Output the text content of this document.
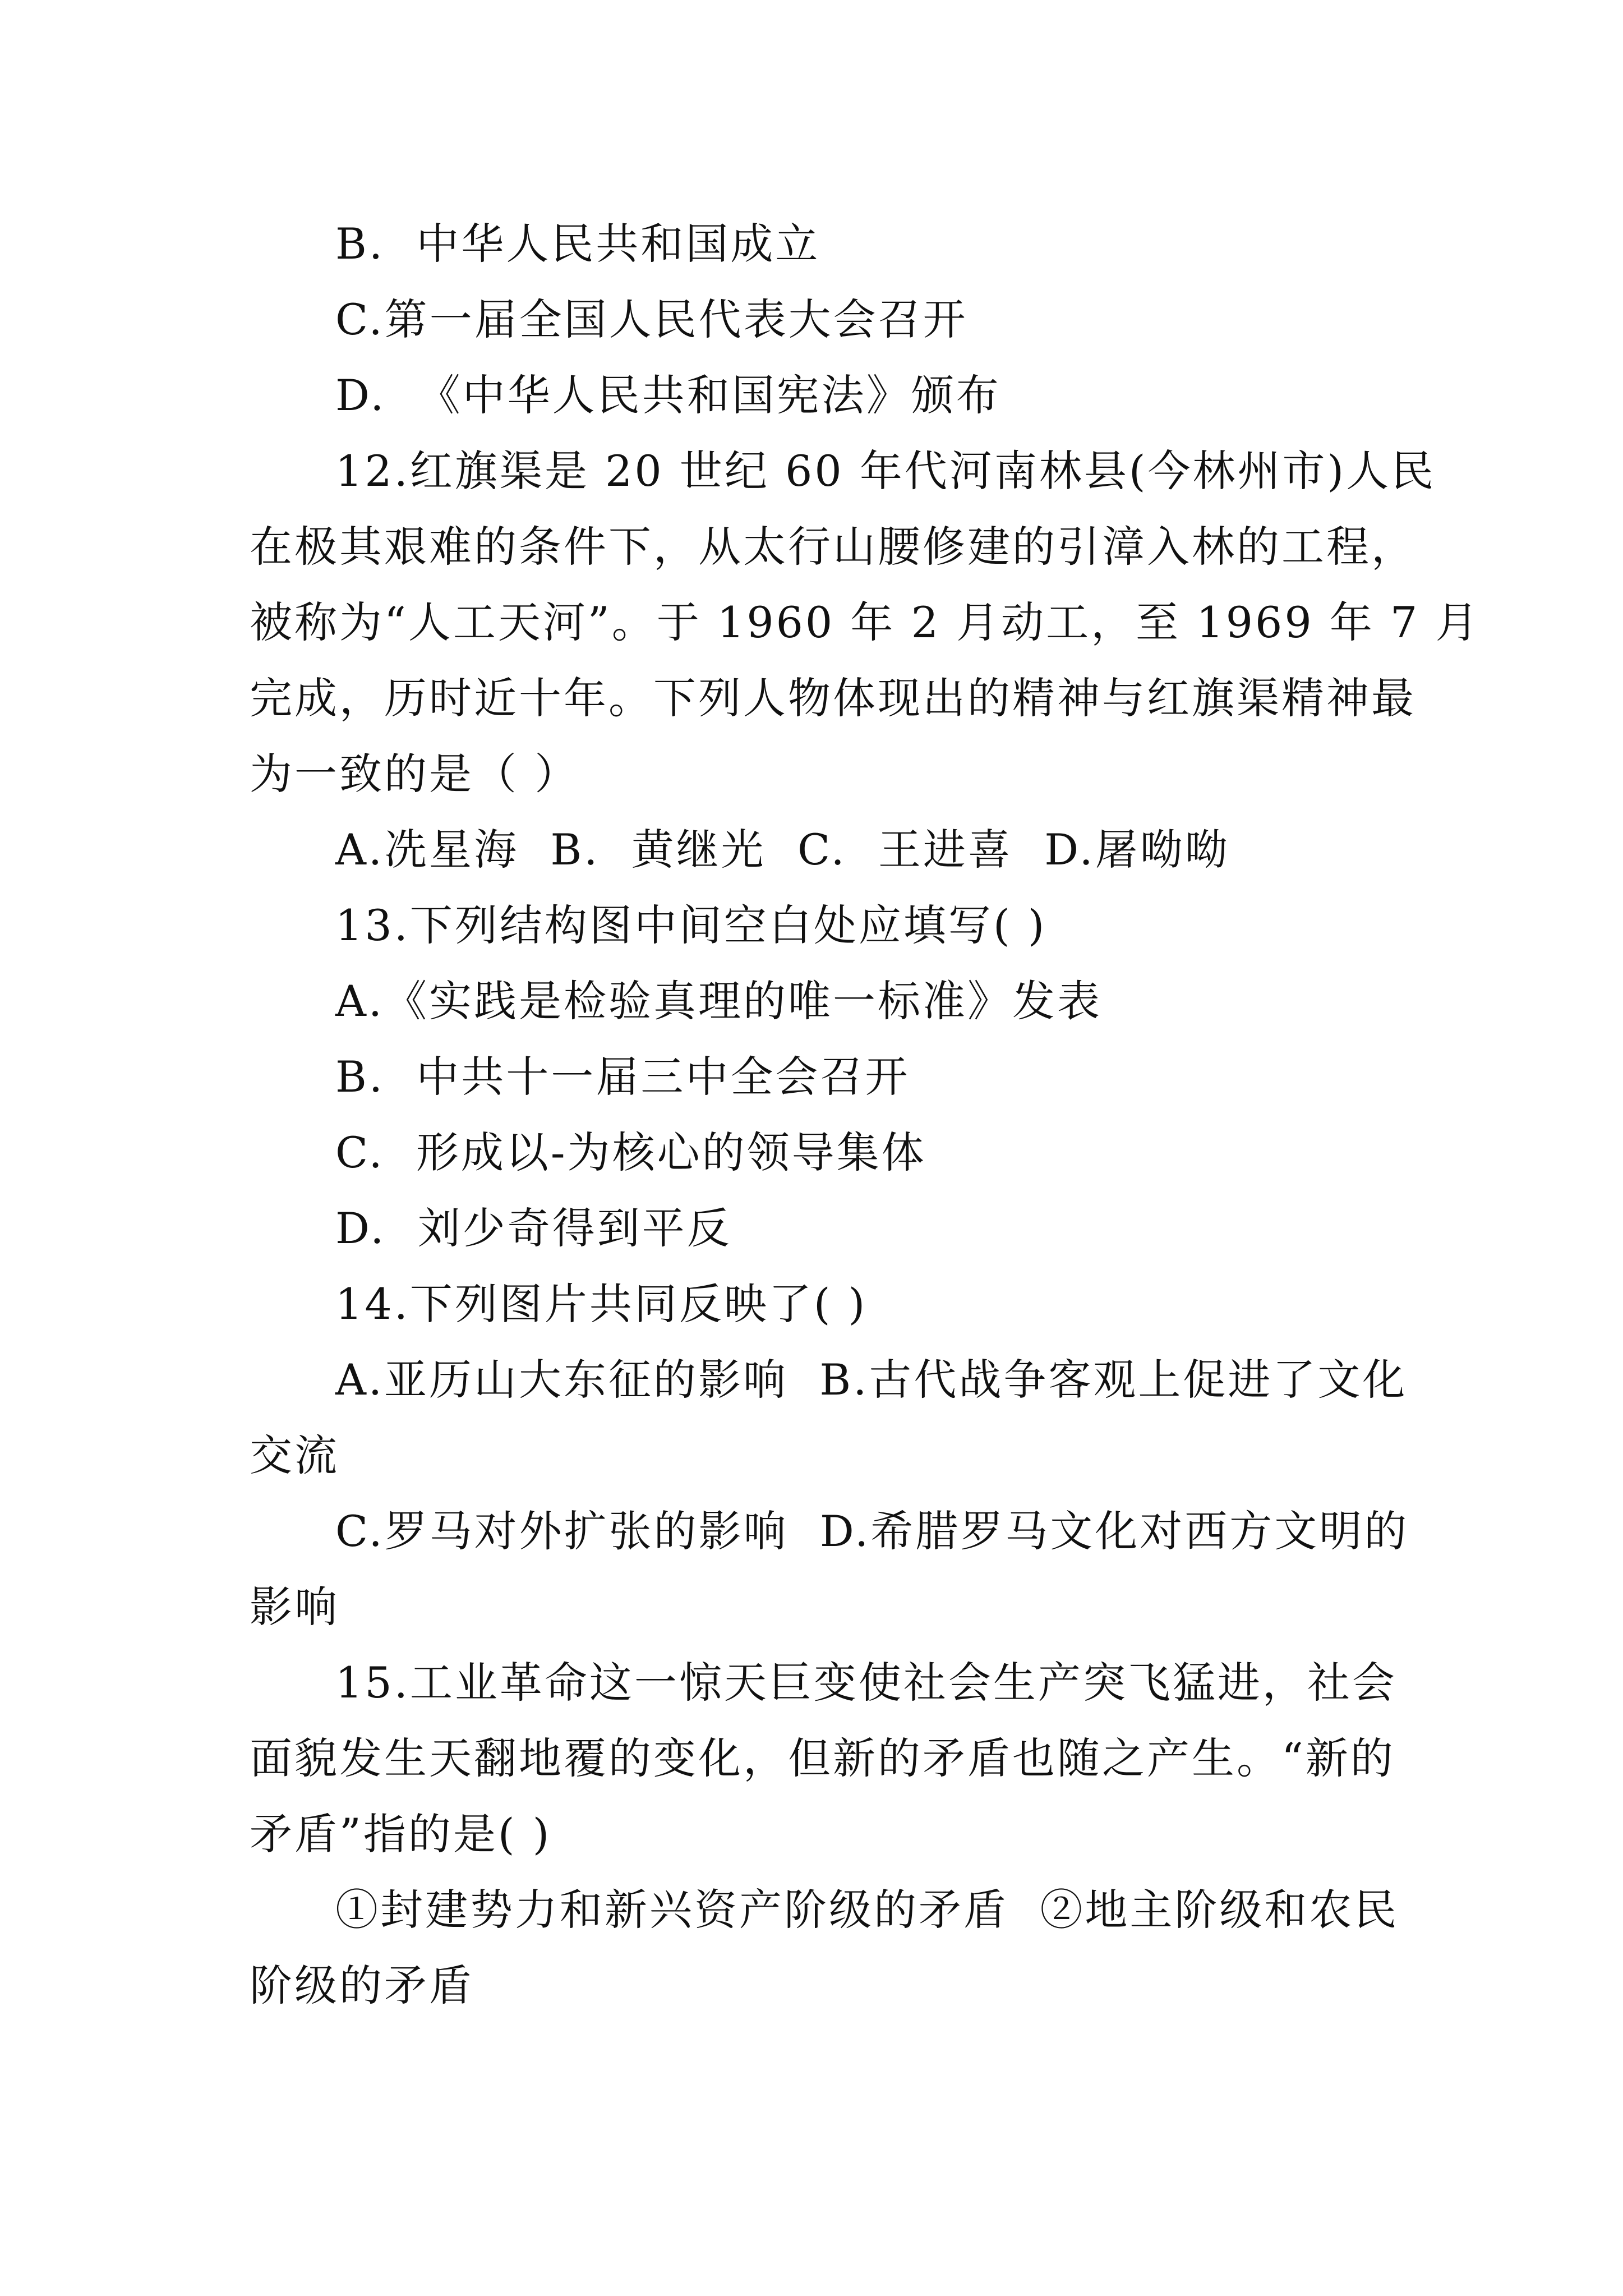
B.  中华人民共和国成立
C.第一届全国人民代表大会召开
D.  《中华人民共和国宪法》颁布
12.红旗渠是 20 世纪 60 年代河南林县(今林州市)人民
在极其艰难的条件下，从太行山腰修建的引漳入林的工程，
被称为“人工天河”。于 1960 年 2 月动工，至 1969 年 7 月
完成，历时近十年。下列人物体现出的精神与红旗渠精神最
为一致的是（ ）
A.冼星海  B.  黄继光  C.  王进喜  D.屠呦呦
13.下列结构图中间空白处应填写( )
A.《实践是检验真理的唯一标准》发表
B.  中共十一届三中全会召开
C.  形成以-为核心的领导集体
D.  刘少奇得到平反
14.下列图片共同反映了( )
A.亚历山大东征的影响  B.古代战争客观上促进了文化
交流
C.罗马对外扩张的影响  D.希腊罗马文化对西方文明的
影响
15.工业革命这一惊天巨变使社会生产突飞猛进，社会
面貌发生天翻地覆的变化，但新的矛盾也随之产生。“新的
矛盾”指的是( )
①封建势力和新兴资产阶级的矛盾  ②地主阶级和农民
阶级的矛盾
